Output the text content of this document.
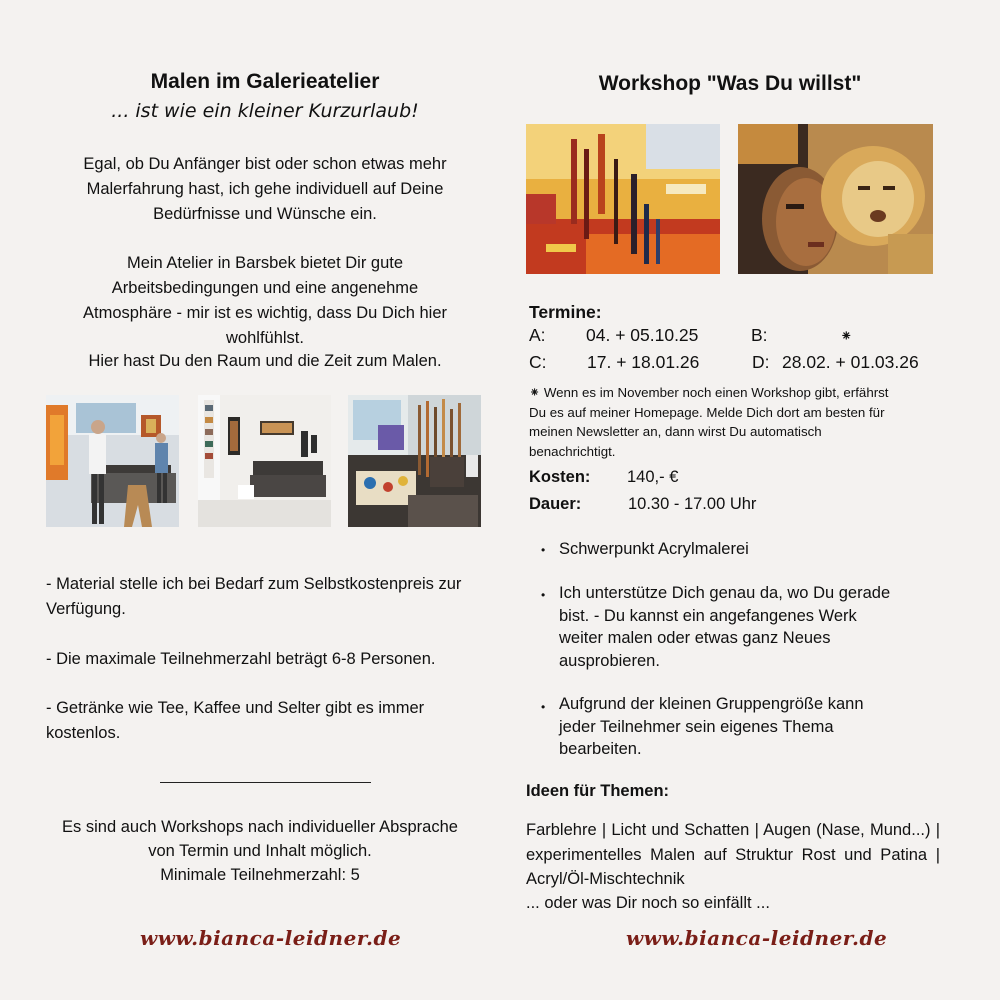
Malen im Galerieatelier
... ist wie ein kleiner Kurzurlaub!
Egal, ob Du Anfänger bist oder schon etwas mehr
Malerfahrung hast, ich gehe individuell auf Deine
Bedürfnisse und Wünsche ein.
Mein Atelier in Barsbek bietet Dir gute
Arbeitsbedingungen und eine angenehme
Atmosphäre - mir ist es wichtig, dass Du Dich hier
wohlfühlst.
Hier hast Du den Raum und die Zeit zum Malen.
- Material stelle ich bei Bedarf zum Selbstkostenpreis zur Verfügung.
- Die maximale Teilnehmerzahl beträgt 6-8 Personen.
- Getränke wie Tee, Kaffee und Selter gibt es immer kostenlos.
Es sind auch Workshops nach individueller Absprache
von Termin und Inhalt möglich.
Minimale Teilnehmerzahl: 5
www.bianca-leidner.de
Workshop "Was Du willst"
Termine:
A: 04. + 05.10.25	B:	⁕
C: 17. + 18.01.26	D: 28.02. + 01.03.26
⁕ Wenn es im November noch einen Workshop gibt, erfährst
Du es auf meiner Homepage. Melde Dich dort am besten für
meinen Newsletter an, dann wirst Du automatisch
benachrichtigt.
Kosten: 140,- €
Dauer:	10.30 - 17.00 Uhr
• Schwerpunkt Acrylmalerei
• Ich unterstütze Dich genau da, wo Du gerade
bist. - Du kannst ein angefangenes Werk
weiter malen oder etwas ganz Neues
ausprobieren.
• Aufgrund der kleinen Gruppengröße kann
jeder Teilnehmer sein eigenes Thema
bearbeiten.
Ideen für Themen:
Farblehre | Licht und Schatten | Augen (Nase, Mund...) | experimentelles Malen auf Struktur Rost und Patina | Acryl/Öl-Mischtechnik
... oder was Dir noch so einfällt ...
www.bianca-leidner.de
